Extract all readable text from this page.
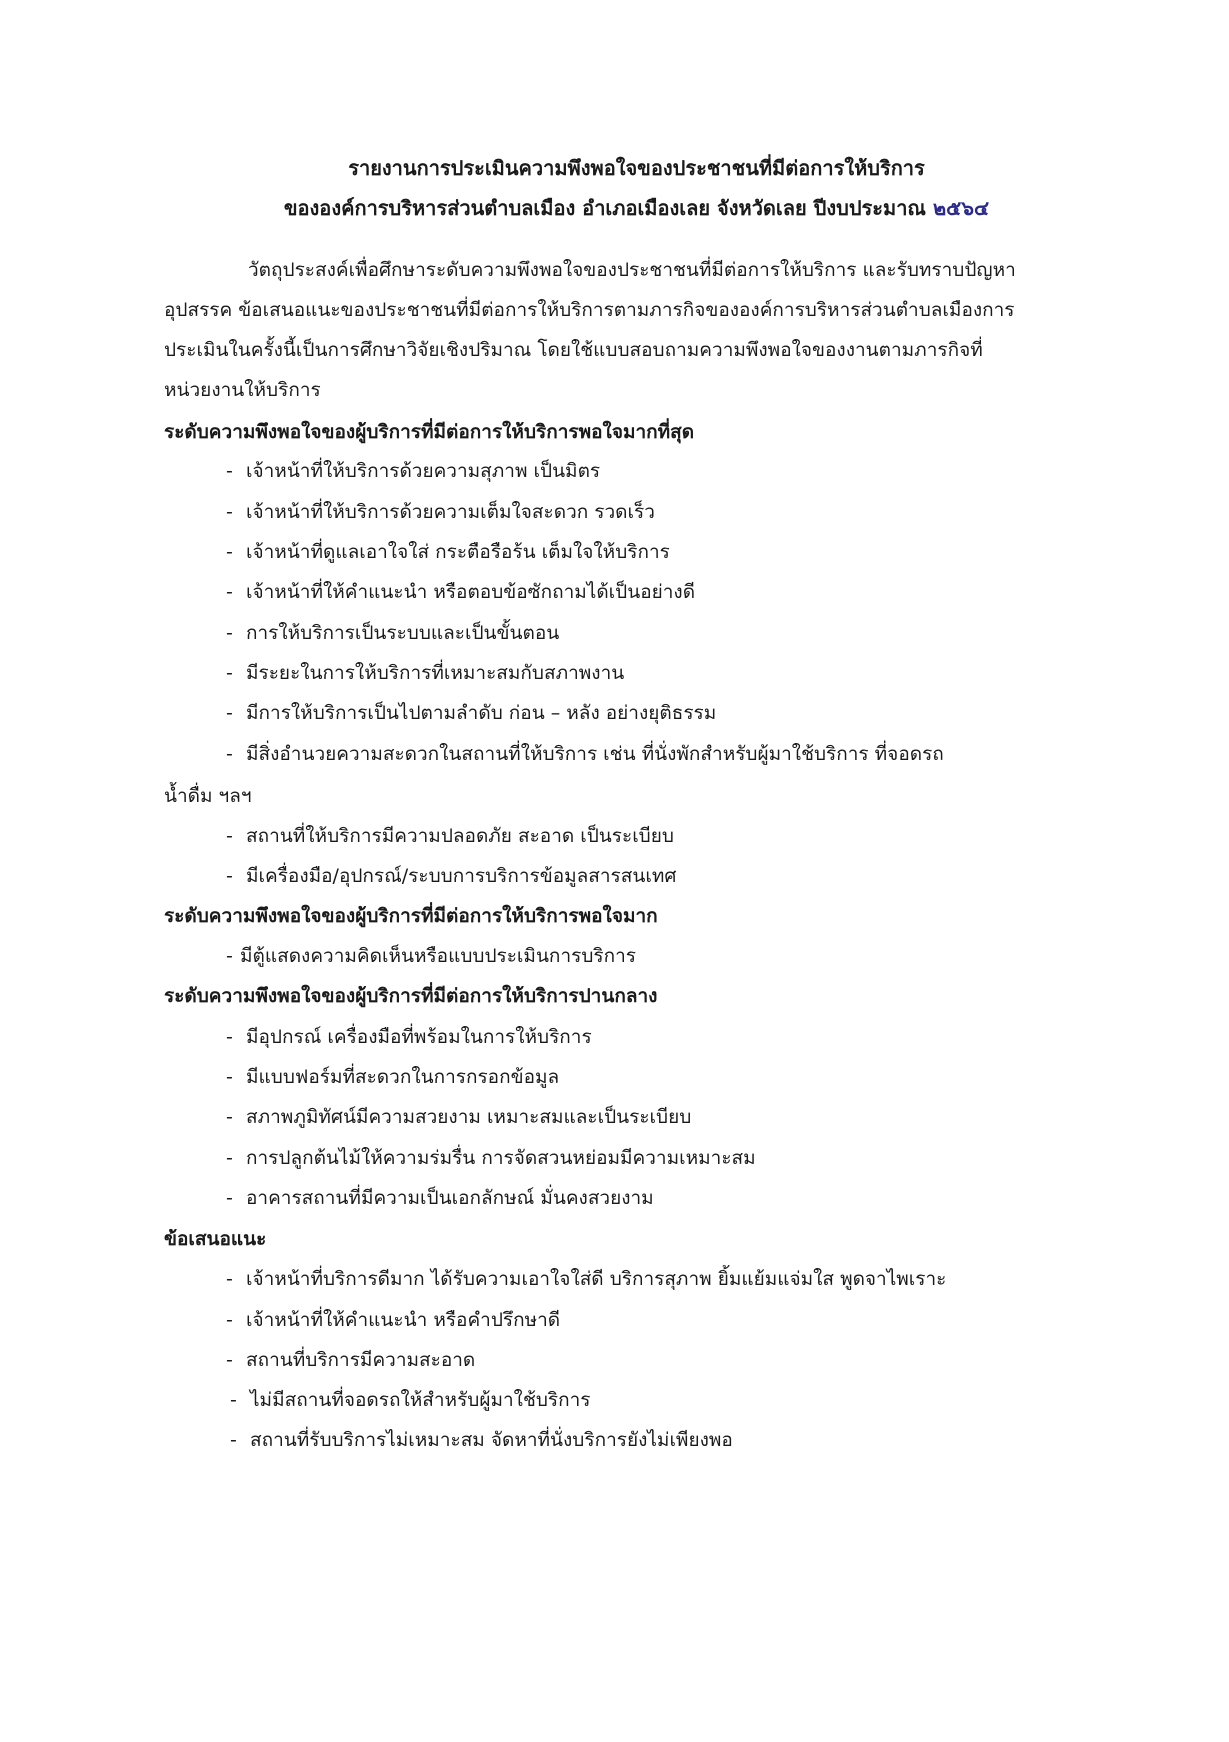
รายงานการประเมินความพึงพอใจของประชาชนที่มีต่อการให้บริการ
ขององค์การบริหารส่วนตำบลเมือง อำเภอเมืองเลย จังหวัดเลย ปีงบประมาณ ๒๕๖๔
วัตถุประสงค์เพื่อศึกษาระดับความพึงพอใจของประชาชนที่มีต่อการให้บริการ และรับทราบปัญหา
อุปสรรค ข้อเสนอแนะของประชาชนที่มีต่อการให้บริการตามภารกิจขององค์การบริหารส่วนตำบลเมืองการ
ประเมินในครั้งนี้เป็นการศึกษาวิจัยเชิงปริมาณ โดยใช้แบบสอบถามความพึงพอใจของงานตามภารกิจที่
หน่วยงานให้บริการ
ระดับความพึงพอใจของผู้บริการที่มีต่อการให้บริการพอใจมากที่สุด
- เจ้าหน้าที่ให้บริการด้วยความสุภาพ เป็นมิตร
- เจ้าหน้าที่ให้บริการด้วยความเต็มใจสะดวก รวดเร็ว
- เจ้าหน้าที่ดูแลเอาใจใส่ กระตือรือร้น เต็มใจให้บริการ
- เจ้าหน้าที่ให้คำแนะนำ หรือตอบข้อซักถามได้เป็นอย่างดี
- การให้บริการเป็นระบบและเป็นขั้นตอน
- มีระยะในการให้บริการที่เหมาะสมกับสภาพงาน
- มีการให้บริการเป็นไปตามลำดับ ก่อน – หลัง อย่างยุติธรรม
- มีสิ่งอำนวยความสะดวกในสถานที่ให้บริการ เช่น ที่นั่งพักสำหรับผู้มาใช้บริการ ที่จอดรถ
น้ำดื่ม ฯลฯ
- สถานที่ให้บริการมีความปลอดภัย สะอาด เป็นระเบียบ
- มีเครื่องมือ/อุปกรณ์/ระบบการบริการข้อมูลสารสนเทศ
ระดับความพึงพอใจของผู้บริการที่มีต่อการให้บริการพอใจมาก
- มีตู้แสดงความคิดเห็นหรือแบบประเมินการบริการ
ระดับความพึงพอใจของผู้บริการที่มีต่อการให้บริการปานกลาง
- มีอุปกรณ์ เครื่องมือที่พร้อมในการให้บริการ
- มีแบบฟอร์มที่สะดวกในการกรอกข้อมูล
- สภาพภูมิทัศน์มีความสวยงาม เหมาะสมและเป็นระเบียบ
- การปลูกต้นไม้ให้ความร่มรื่น การจัดสวนหย่อมมีความเหมาะสม
- อาคารสถานที่มีความเป็นเอกลักษณ์ มั่นคงสวยงาม
ข้อเสนอแนะ
- เจ้าหน้าที่บริการดีมาก ได้รับความเอาใจใส่ดี บริการสุภาพ ยิ้มแย้มแจ่มใส พูดจาไพเราะ
- เจ้าหน้าที่ให้คำแนะนำ หรือคำปรึกษาดี
- สถานที่บริการมีความสะอาด
- ไม่มีสถานที่จอดรถให้สำหรับผู้มาใช้บริการ
- สถานที่รับบริการไม่เหมาะสม จัดหาที่นั่งบริการยังไม่เพียงพอ
